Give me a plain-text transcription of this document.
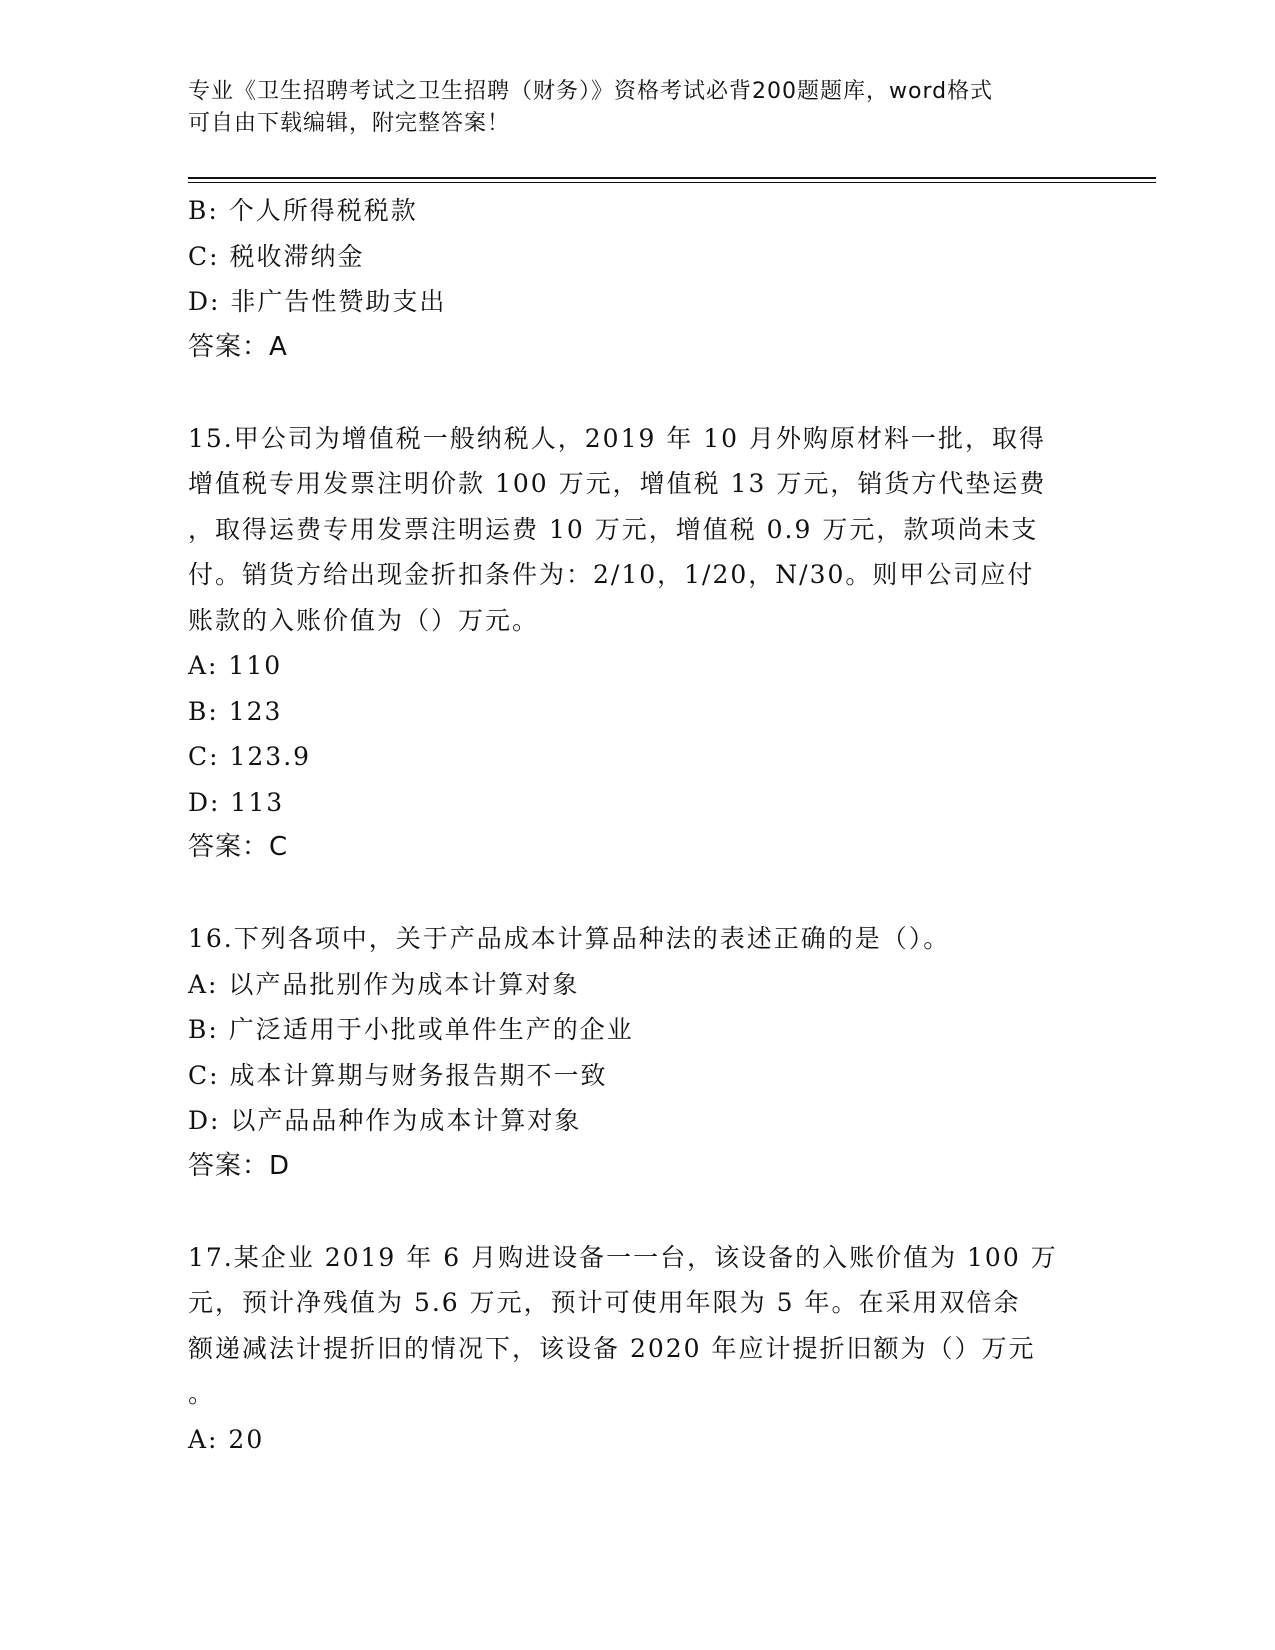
专业《卫生招聘考试之卫生招聘（财务）》资格考试必背200题题库，word格式
可自由下载编辑，附完整答案！
B: 个人所得税税款
C: 税收滞纳金
D: 非广告性赞助支出
答案：A
15.甲公司为增值税一般纳税人，2019 年 10 月外购原材料一批，取得
增值税专用发票注明价款 100 万元，增值税 13 万元，销货方代垫运费
，取得运费专用发票注明运费 10 万元，增值税 0.9 万元，款项尚未支
付。销货方给出现金折扣条件为：2/10，1/20，N/30。则甲公司应付
账款的入账价值为（）万元。
A: 110
B: 123
C: 123.9
D: 113
答案：C
16.下列各项中，关于产品成本计算品种法的表述正确的是（）。
A: 以产品批别作为成本计算对象
B: 广泛适用于小批或单件生产的企业
C: 成本计算期与财务报告期不一致
D: 以产品品种作为成本计算对象
答案：D
17.某企业 2019 年 6 月购进设备一一台，该设备的入账价值为 100 万
元，预计净残值为 5.6 万元，预计可使用年限为 5 年。在采用双倍余
额递减法计提折旧的情况下，该设备 2020 年应计提折旧额为（）万元
。
A: 20
